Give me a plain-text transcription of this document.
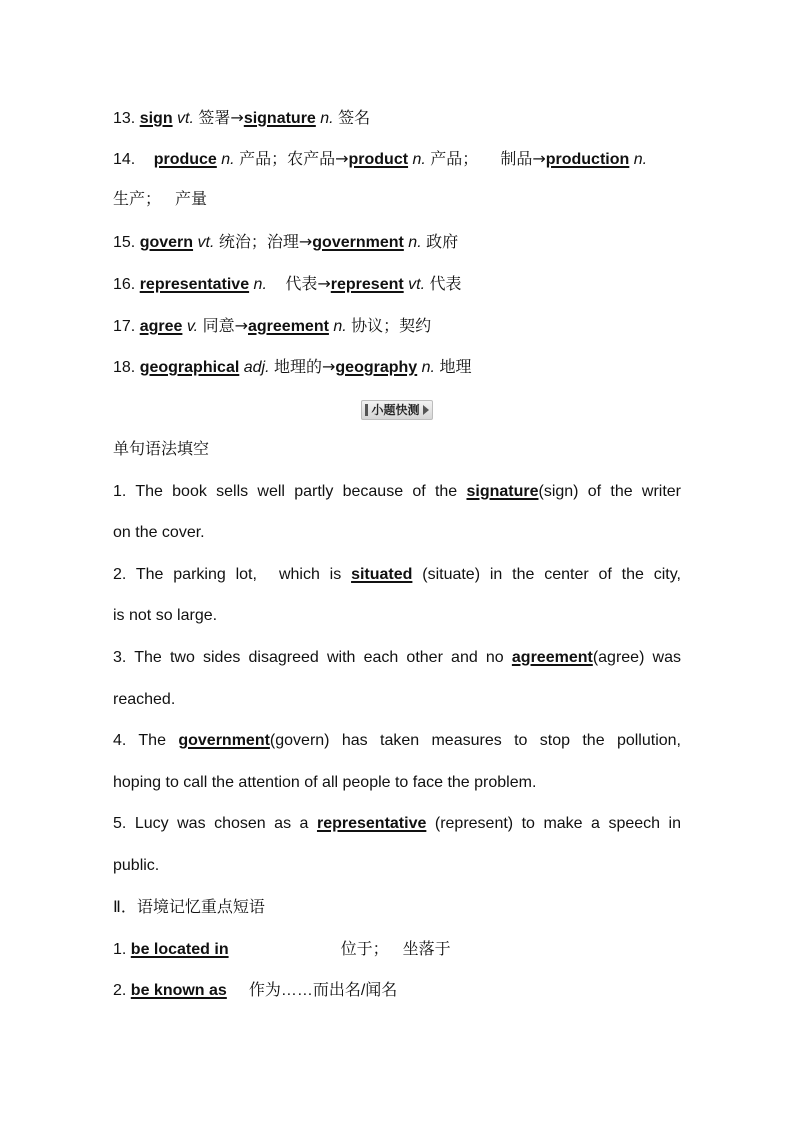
13. sign vt. 签署→signature n. 签名
14. produce n. 产品；农产品→product n. 产品； 制品→production n.
生产； 产量
15. govern vt. 统治；治理→government n. 政府
16. representative n. 代表→represent vt. 代表
17. agree v. 同意→agreement n. 协议；契约
18. geographical adj. 地理的→geography n. 地理
小题快测
单句语法填空
1. The book sells well partly because of the signature(sign) of the writer
on the cover.
2. The parking lot, which is situated (situate) in the center of the city,
is not so large.
3. The two sides disagreed with each other and no agreement(agree) was
reached.
4. The government(govern) has taken measures to stop the pollution,
hoping to call the attention of all people to face the problem.
5. Lucy was chosen as a representative (represent) to make a speech in
public.
Ⅱ．语境记忆重点短语
1. be located in	位于； 坐落于
2. be known as 作为……而出名/闻名
